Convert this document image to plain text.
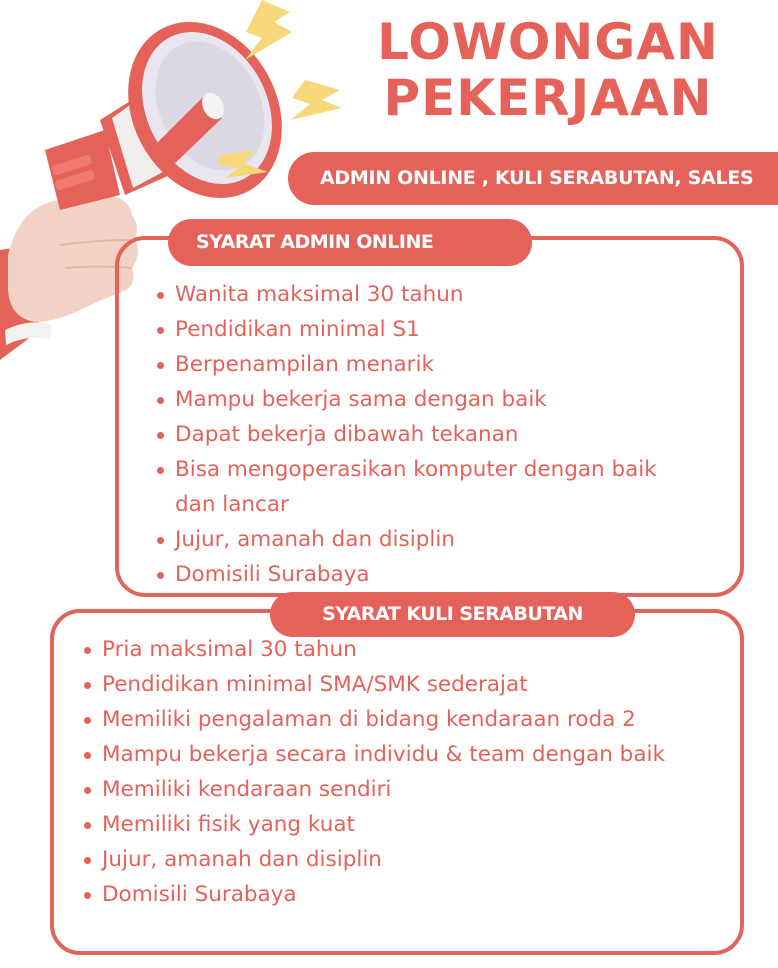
LOWONGAN
PEKERJAAN
ADMIN ONLINE , KULI SERABUTAN, SALES
SYARAT ADMIN ONLINE
Wanita maksimal 30 tahun
Pendidikan minimal S1
Berpenampilan menarik
Mampu bekerja sama dengan baik
Dapat bekerja dibawah tekanan
Bisa mengoperasikan komputer dengan baik dan lancar
Jujur, amanah dan disiplin
Domisili Surabaya
SYARAT KULI SERABUTAN
Pria maksimal 30 tahun
Pendidikan minimal SMA/SMK sederajat
Memiliki pengalaman di bidang kendaraan roda 2
Mampu bekerja secara individu & team dengan baik
Memiliki kendaraan sendiri
Memiliki fisik yang kuat
Jujur, amanah dan disiplin
Domisili Surabaya
